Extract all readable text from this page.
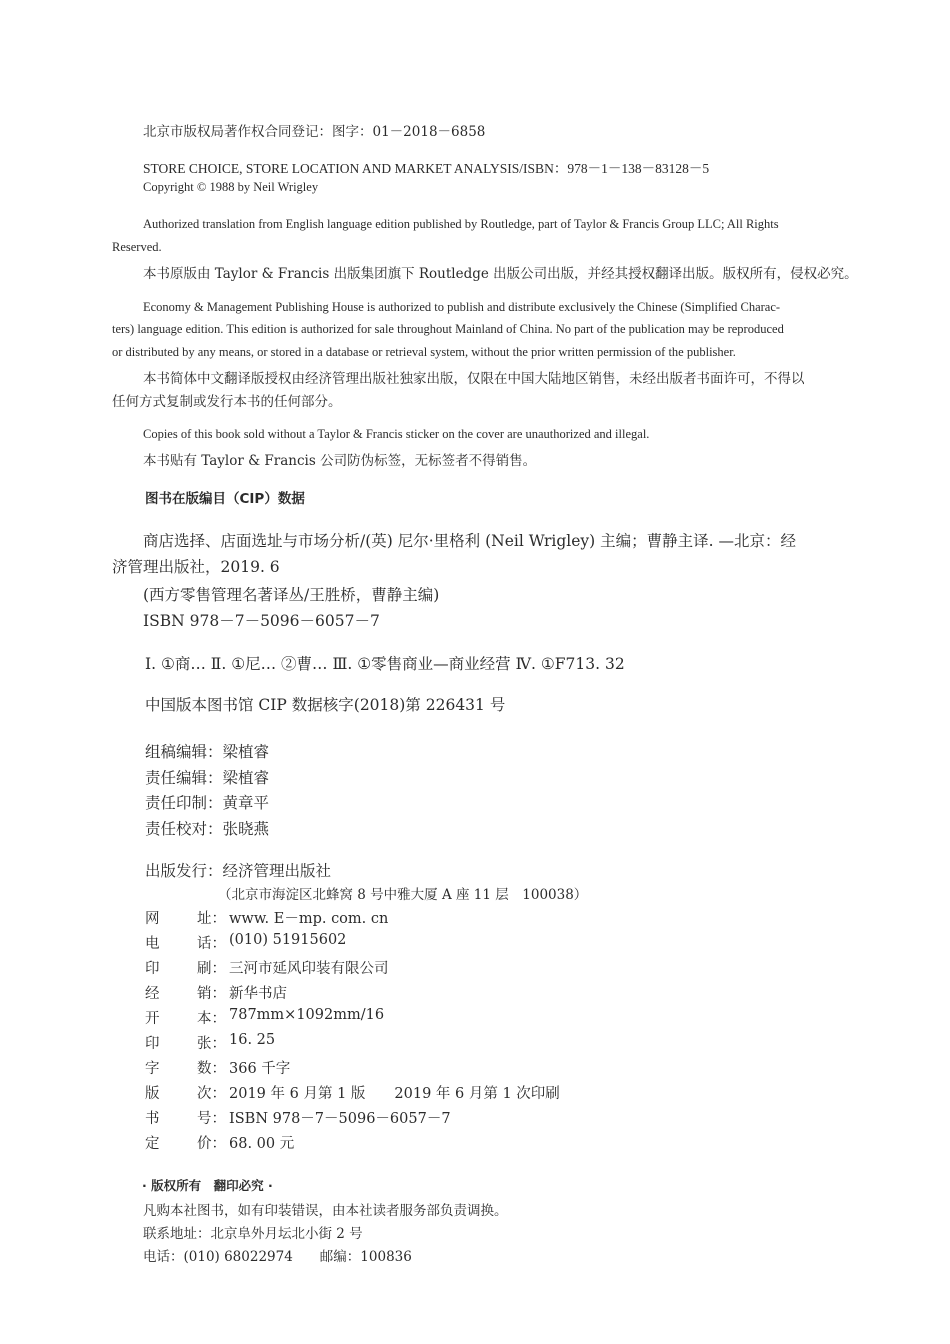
北京市版权局著作权合同登记：图字：01－2018－6858
STORE CHOICE, STORE LOCATION AND MARKET ANALYSIS/ISBN：978－1－138－83128－5
Copyright © 1988 by Neil Wrigley
Authorized translation from English language edition published by Routledge, part of Taylor & Francis Group LLC; All Rights
Reserved.
本书原版由 Taylor & Francis 出版集团旗下 Routledge 出版公司出版，并经其授权翻译出版。版权所有，侵权必究。
Economy & Management Publishing House is authorized to publish and distribute exclusively the Chinese (Simplified Charac-
ters) language edition. This edition is authorized for sale throughout Mainland of China. No part of the publication may be reproduced
or distributed by any means, or stored in a database or retrieval system, without the prior written permission of the publisher.
本书简体中文翻译版授权由经济管理出版社独家出版，仅限在中国大陆地区销售，未经出版者书面许可，不得以
任何方式复制或发行本书的任何部分。
Copies of this book sold without a Taylor & Francis sticker on the cover are unauthorized and illegal.
本书贴有 Taylor & Francis 公司防伪标签，无标签者不得销售。
图书在版编目（CIP）数据
商店选择、店面选址与市场分析/(英) 尼尔·里格利 (Neil Wrigley) 主编；曹静主译. —北京：经
济管理出版社，2019. 6
(西方零售管理名著译丛/王胜桥，曹静主编)
ISBN 978－7－5096－6057－7
Ⅰ. ①商… Ⅱ. ①尼… ②曹… Ⅲ. ①零售商业—商业经营 Ⅳ. ①F713. 32
中国版本图书馆 CIP 数据核字(2018)第 226431 号
组稿编辑：梁植睿
责任编辑：梁植睿
责任印制：黄章平
责任校对：张晓燕
出版发行：经济管理出版社
（北京市海淀区北蜂窝 8 号中雅大厦 A 座 11 层　100038）
网	址： www. E－mp. com. cn
电	话： (010) 51915602
印	刷： 三河市延风印装有限公司
经	销： 新华书店
开	本： 787mm×1092mm/16
印	张： 16. 25
字	数： 366 千字
版	次： 2019 年 6 月第 1 版　　2019 年 6 月第 1 次印刷
书	号： ISBN 978－7－5096－6057－7
定	价： 68. 00 元
· 版权所有　翻印必究 ·
凡购本社图书，如有印装错误，由本社读者服务部负责调换。
联系地址：北京阜外月坛北小街 2 号
电话：(010) 68022974　　邮编：100836
